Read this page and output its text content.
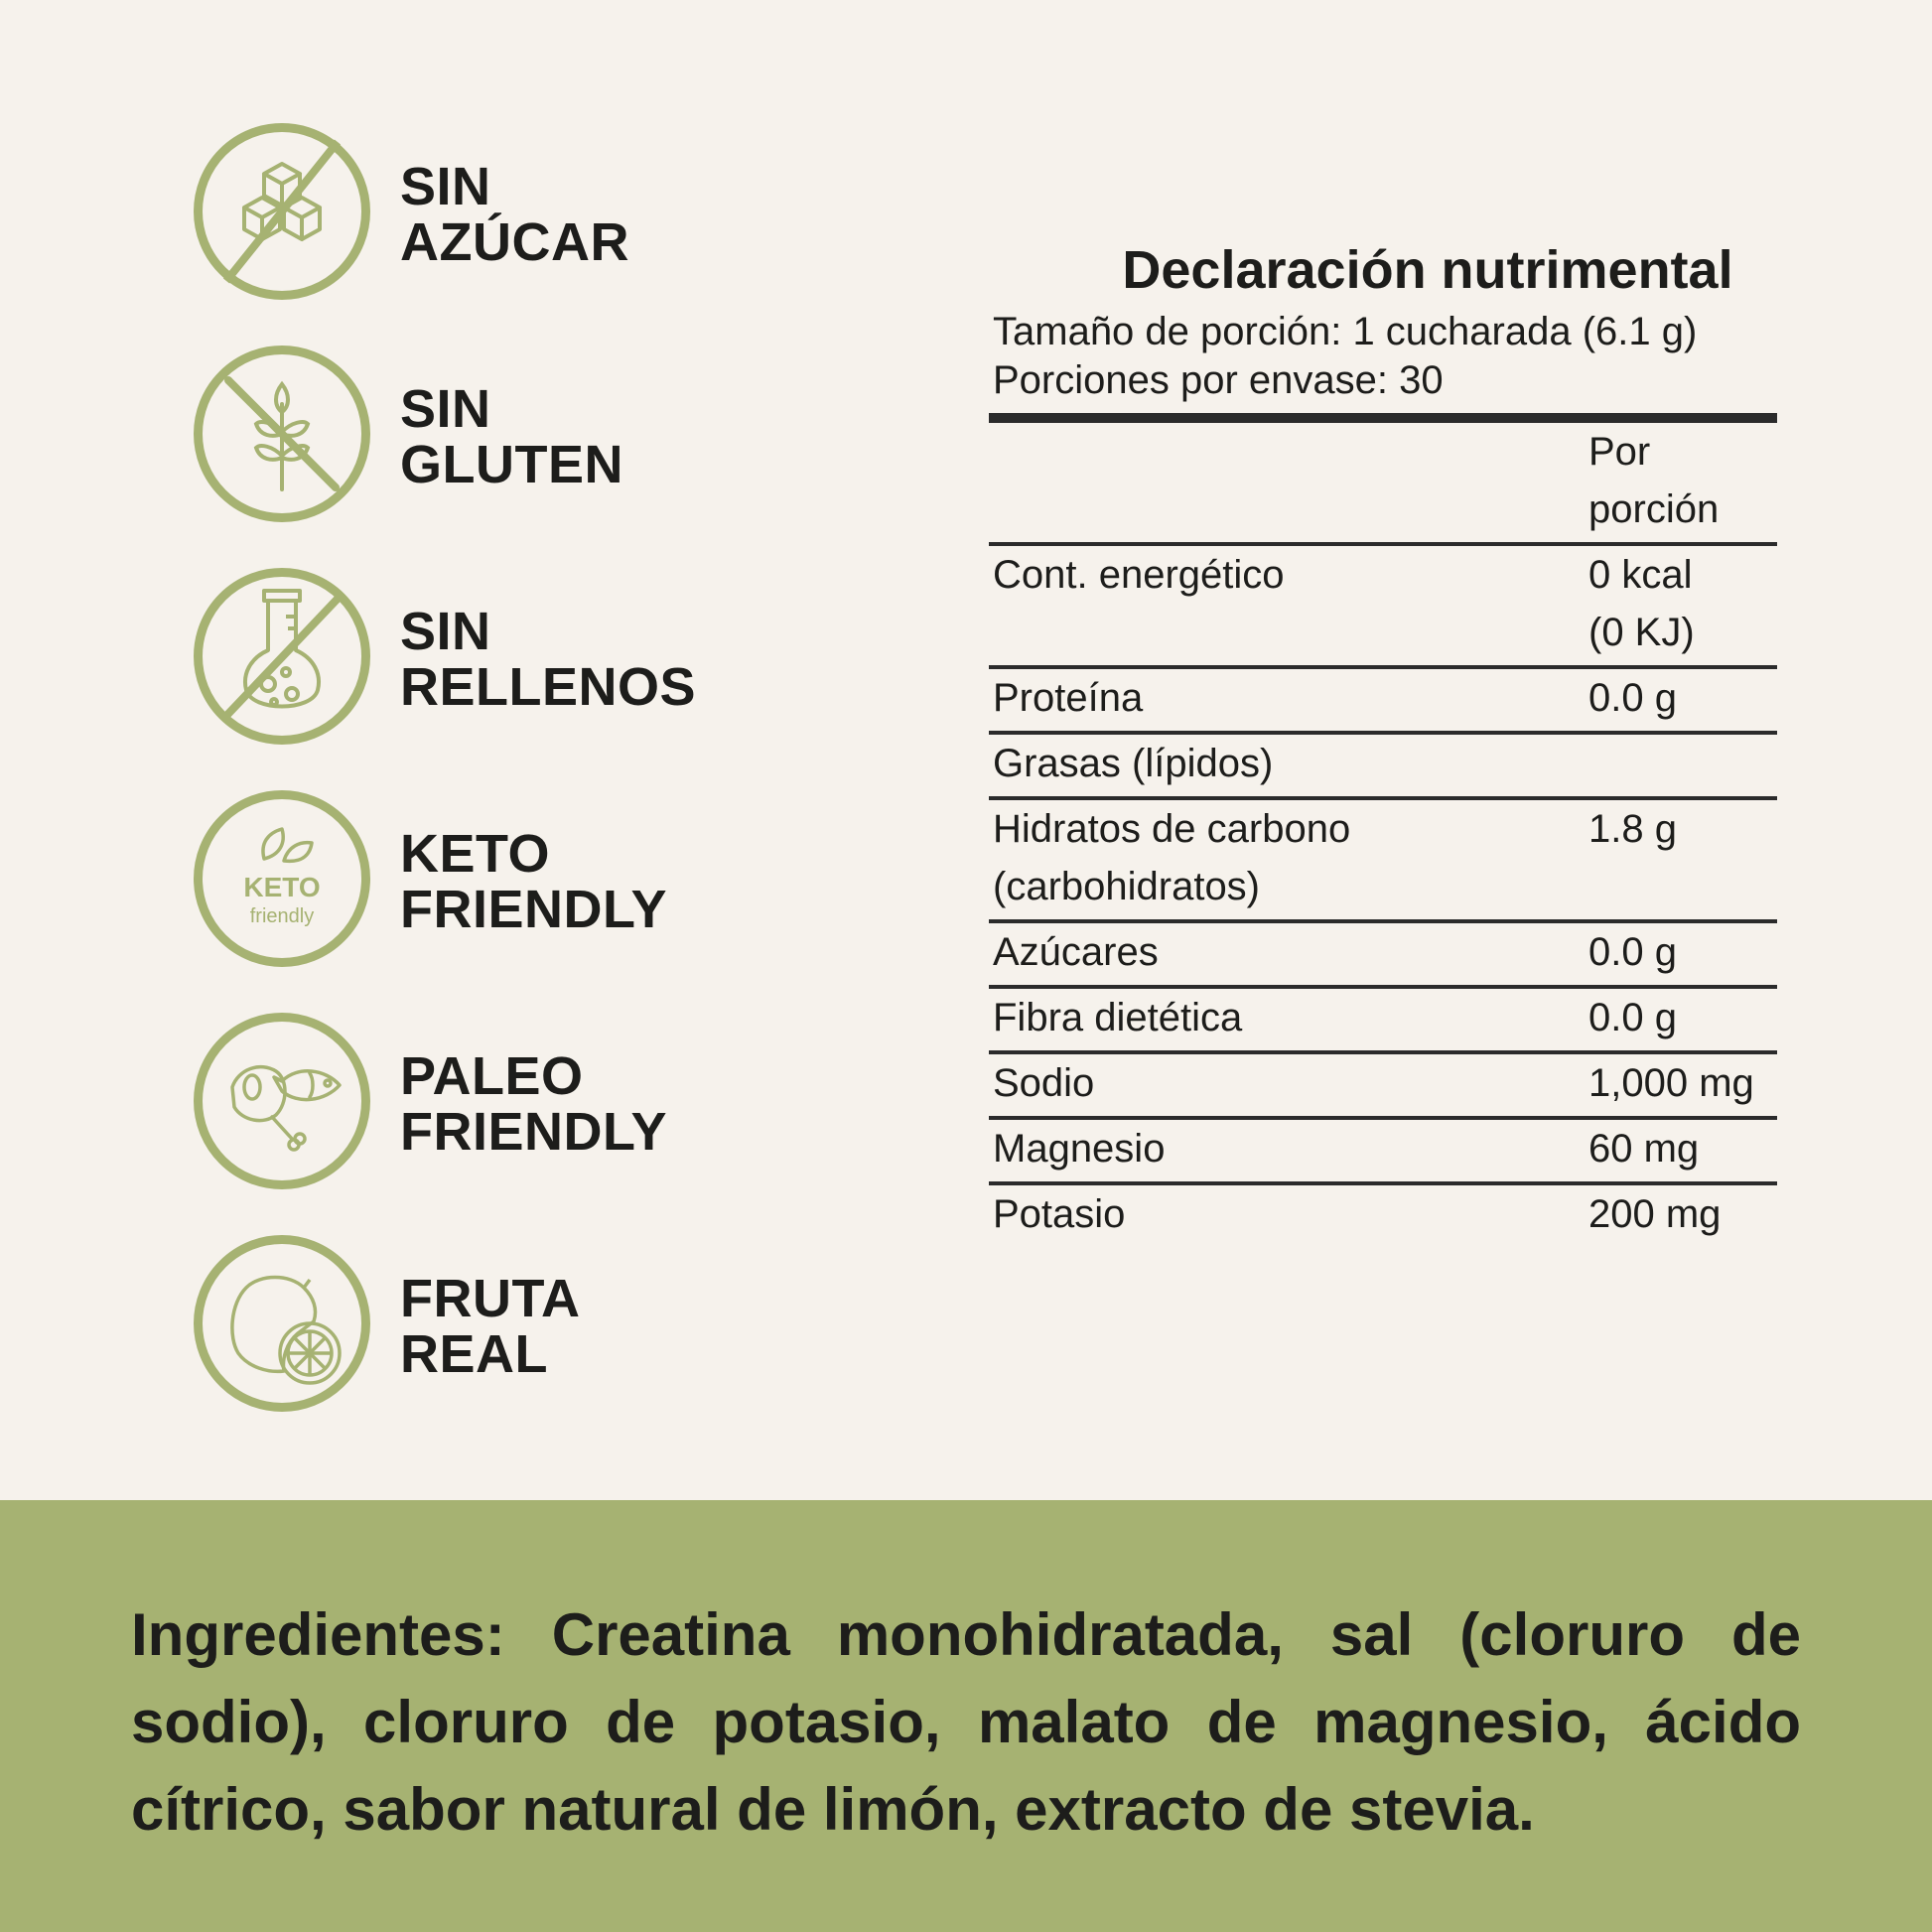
SIN
AZÚCAR
SIN
GLUTEN
SIN
RELLENOS
KETO
friendly
KETO
FRIENDLY
PALEO
FRIENDLY
FRUTA
REAL
Declaración nutrimental
Tamaño de porción: 1 cucharada (6.1 g)
Porciones por envase: 30

	Por
porción

Cont. energético	0 kcal
(0 KJ)

Proteína	0.0 g
Grasas (lípidos)	

Hidratos de carbono
(carbohidratos)	1.8 g
Azúcares	0.0 g
Fibra dietética	0.0 g
Sodio	1,000 mg
Magnesio	60 mg
Potasio	200 mg

Ingredientes: Creatina monohidratada, sal (cloruro de sodio), cloruro de potasio, malato de magnesio, ácido cítrico, sabor natural de limón, extracto de stevia.
